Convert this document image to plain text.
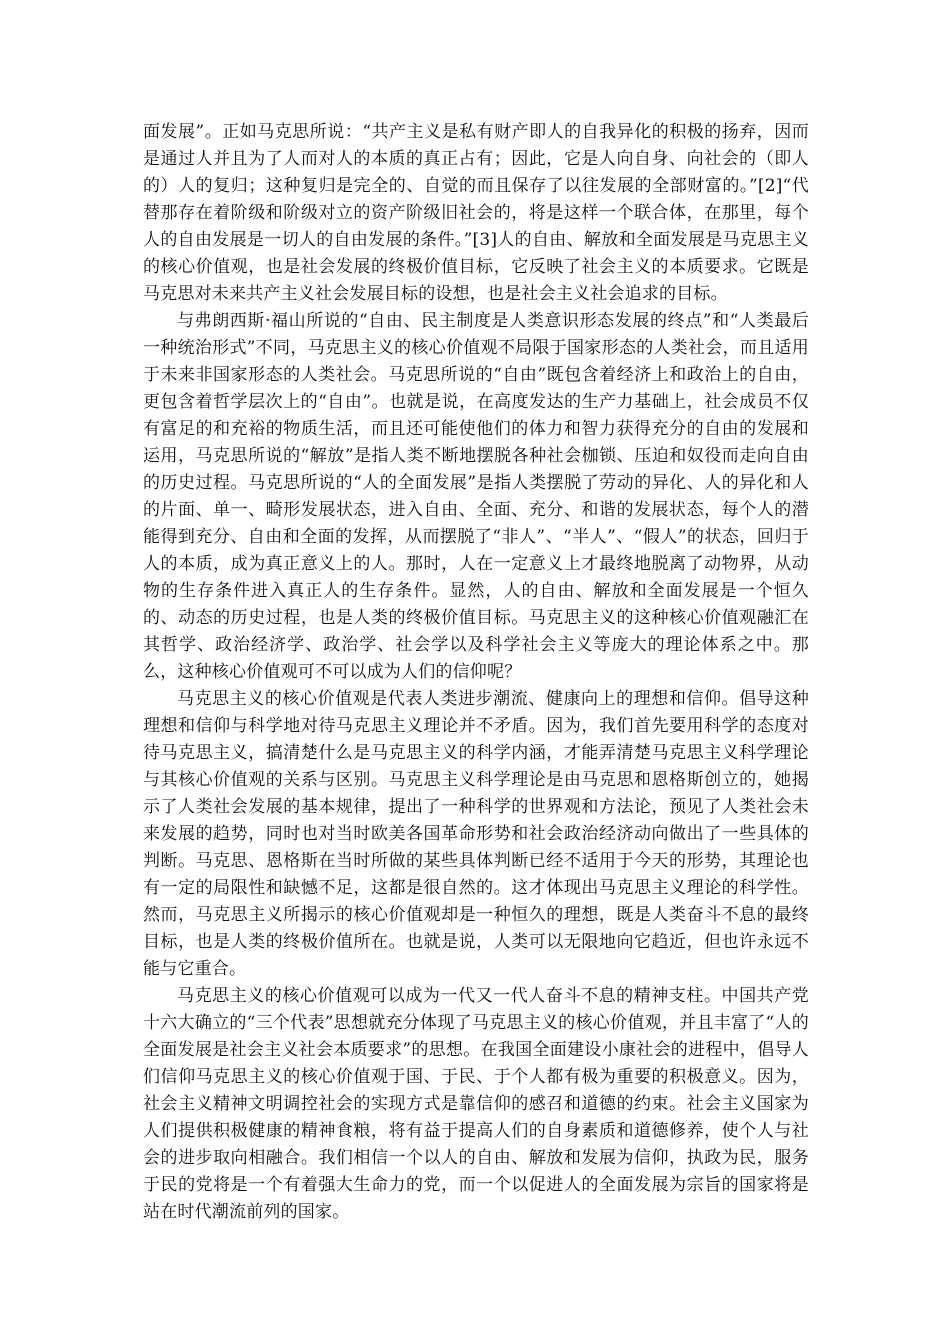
面发展”。正如马克思所说：“共产主义是私有财产即人的自我异化的积极的扬弃，因而是通过人并且为了人而对人的本质的真正占有；因此，它是人向自身、向社会的（即人的）人的复归；这种复归是完全的、自觉的而且保存了以往发展的全部财富的。”[2]“代替那存在着阶级和阶级对立的资产阶级旧社会的，将是这样一个联合体，在那里，每个人的自由发展是一切人的自由发展的条件。”[3]人的自由、解放和全面发展是马克思主义的核心价值观，也是社会发展的终极价值目标，它反映了社会主义的本质要求。它既是马克思对未来共产主义社会发展目标的设想，也是社会主义社会追求的目标。

与弗朗西斯·福山所说的“自由、民主制度是人类意识形态发展的终点”和“人类最后一种统治形式”不同，马克思主义的核心价值观不局限于国家形态的人类社会，而且适用于未来非国家形态的人类社会。马克思所说的“自由”既包含着经济上和政治上的自由，更包含着哲学层次上的“自由”。也就是说，在高度发达的生产力基础上，社会成员不仅有富足的和充裕的物质生活，而且还可能使他们的体力和智力获得充分的自由的发展和运用，马克思所说的“解放”是指人类不断地摆脱各种社会枷锁、压迫和奴役而走向自由的历史过程。马克思所说的“人的全面发展”是指人类摆脱了劳动的异化、人的异化和人的片面、单一、畸形发展状态，进入自由、全面、充分、和谐的发展状态，每个人的潜能得到充分、自由和全面的发挥，从而摆脱了“非人”、“半人”、“假人”的状态，回归于人的本质，成为真正意义上的人。那时，人在一定意义上才最终地脱离了动物界，从动物的生存条件进入真正人的生存条件。显然，人的自由、解放和全面发展是一个恒久的、动态的历史过程，也是人类的终极价值目标。马克思主义的这种核心价值观融汇在其哲学、政治经济学、政治学、社会学以及科学社会主义等庞大的理论体系之中。那么，这种核心价值观可不可以成为人们的信仰呢？

马克思主义的核心价值观是代表人类进步潮流、健康向上的理想和信仰。倡导这种理想和信仰与科学地对待马克思主义理论并不矛盾。因为，我们首先要用科学的态度对待马克思主义，搞清楚什么是马克思主义的科学内涵，才能弄清楚马克思主义科学理论与其核心价值观的关系与区别。马克思主义科学理论是由马克思和恩格斯创立的，她揭示了人类社会发展的基本规律，提出了一种科学的世界观和方法论，预见了人类社会未来发展的趋势，同时也对当时欧美各国革命形势和社会政治经济动向做出了一些具体的判断。马克思、恩格斯在当时所做的某些具体判断已经不适用于今天的形势，其理论也有一定的局限性和缺憾不足，这都是很自然的。这才体现出马克思主义理论的科学性。然而，马克思主义所揭示的核心价值观却是一种恒久的理想，既是人类奋斗不息的最终目标，也是人类的终极价值所在。也就是说，人类可以无限地向它趋近，但也许永远不能与它重合。

马克思主义的核心价值观可以成为一代又一代人奋斗不息的精神支柱。中国共产党十六大确立的“三个代表”思想就充分体现了马克思主义的核心价值观，并且丰富了“人的全面发展是社会主义社会本质要求”的思想。在我国全面建设小康社会的进程中，倡导人们信仰马克思主义的核心价值观于国、于民、于个人都有极为重要的积极意义。因为，社会主义精神文明调控社会的实现方式是靠信仰的感召和道德的约束。社会主义国家为人们提供积极健康的精神食粮，将有益于提高人们的自身素质和道德修养，使个人与社会的进步取向相融合。我们相信一个以人的自由、解放和发展为信仰，执政为民，服务于民的党将是一个有着强大生命力的党，而一个以促进人的全面发展为宗旨的国家将是站在时代潮流前列的国家。
